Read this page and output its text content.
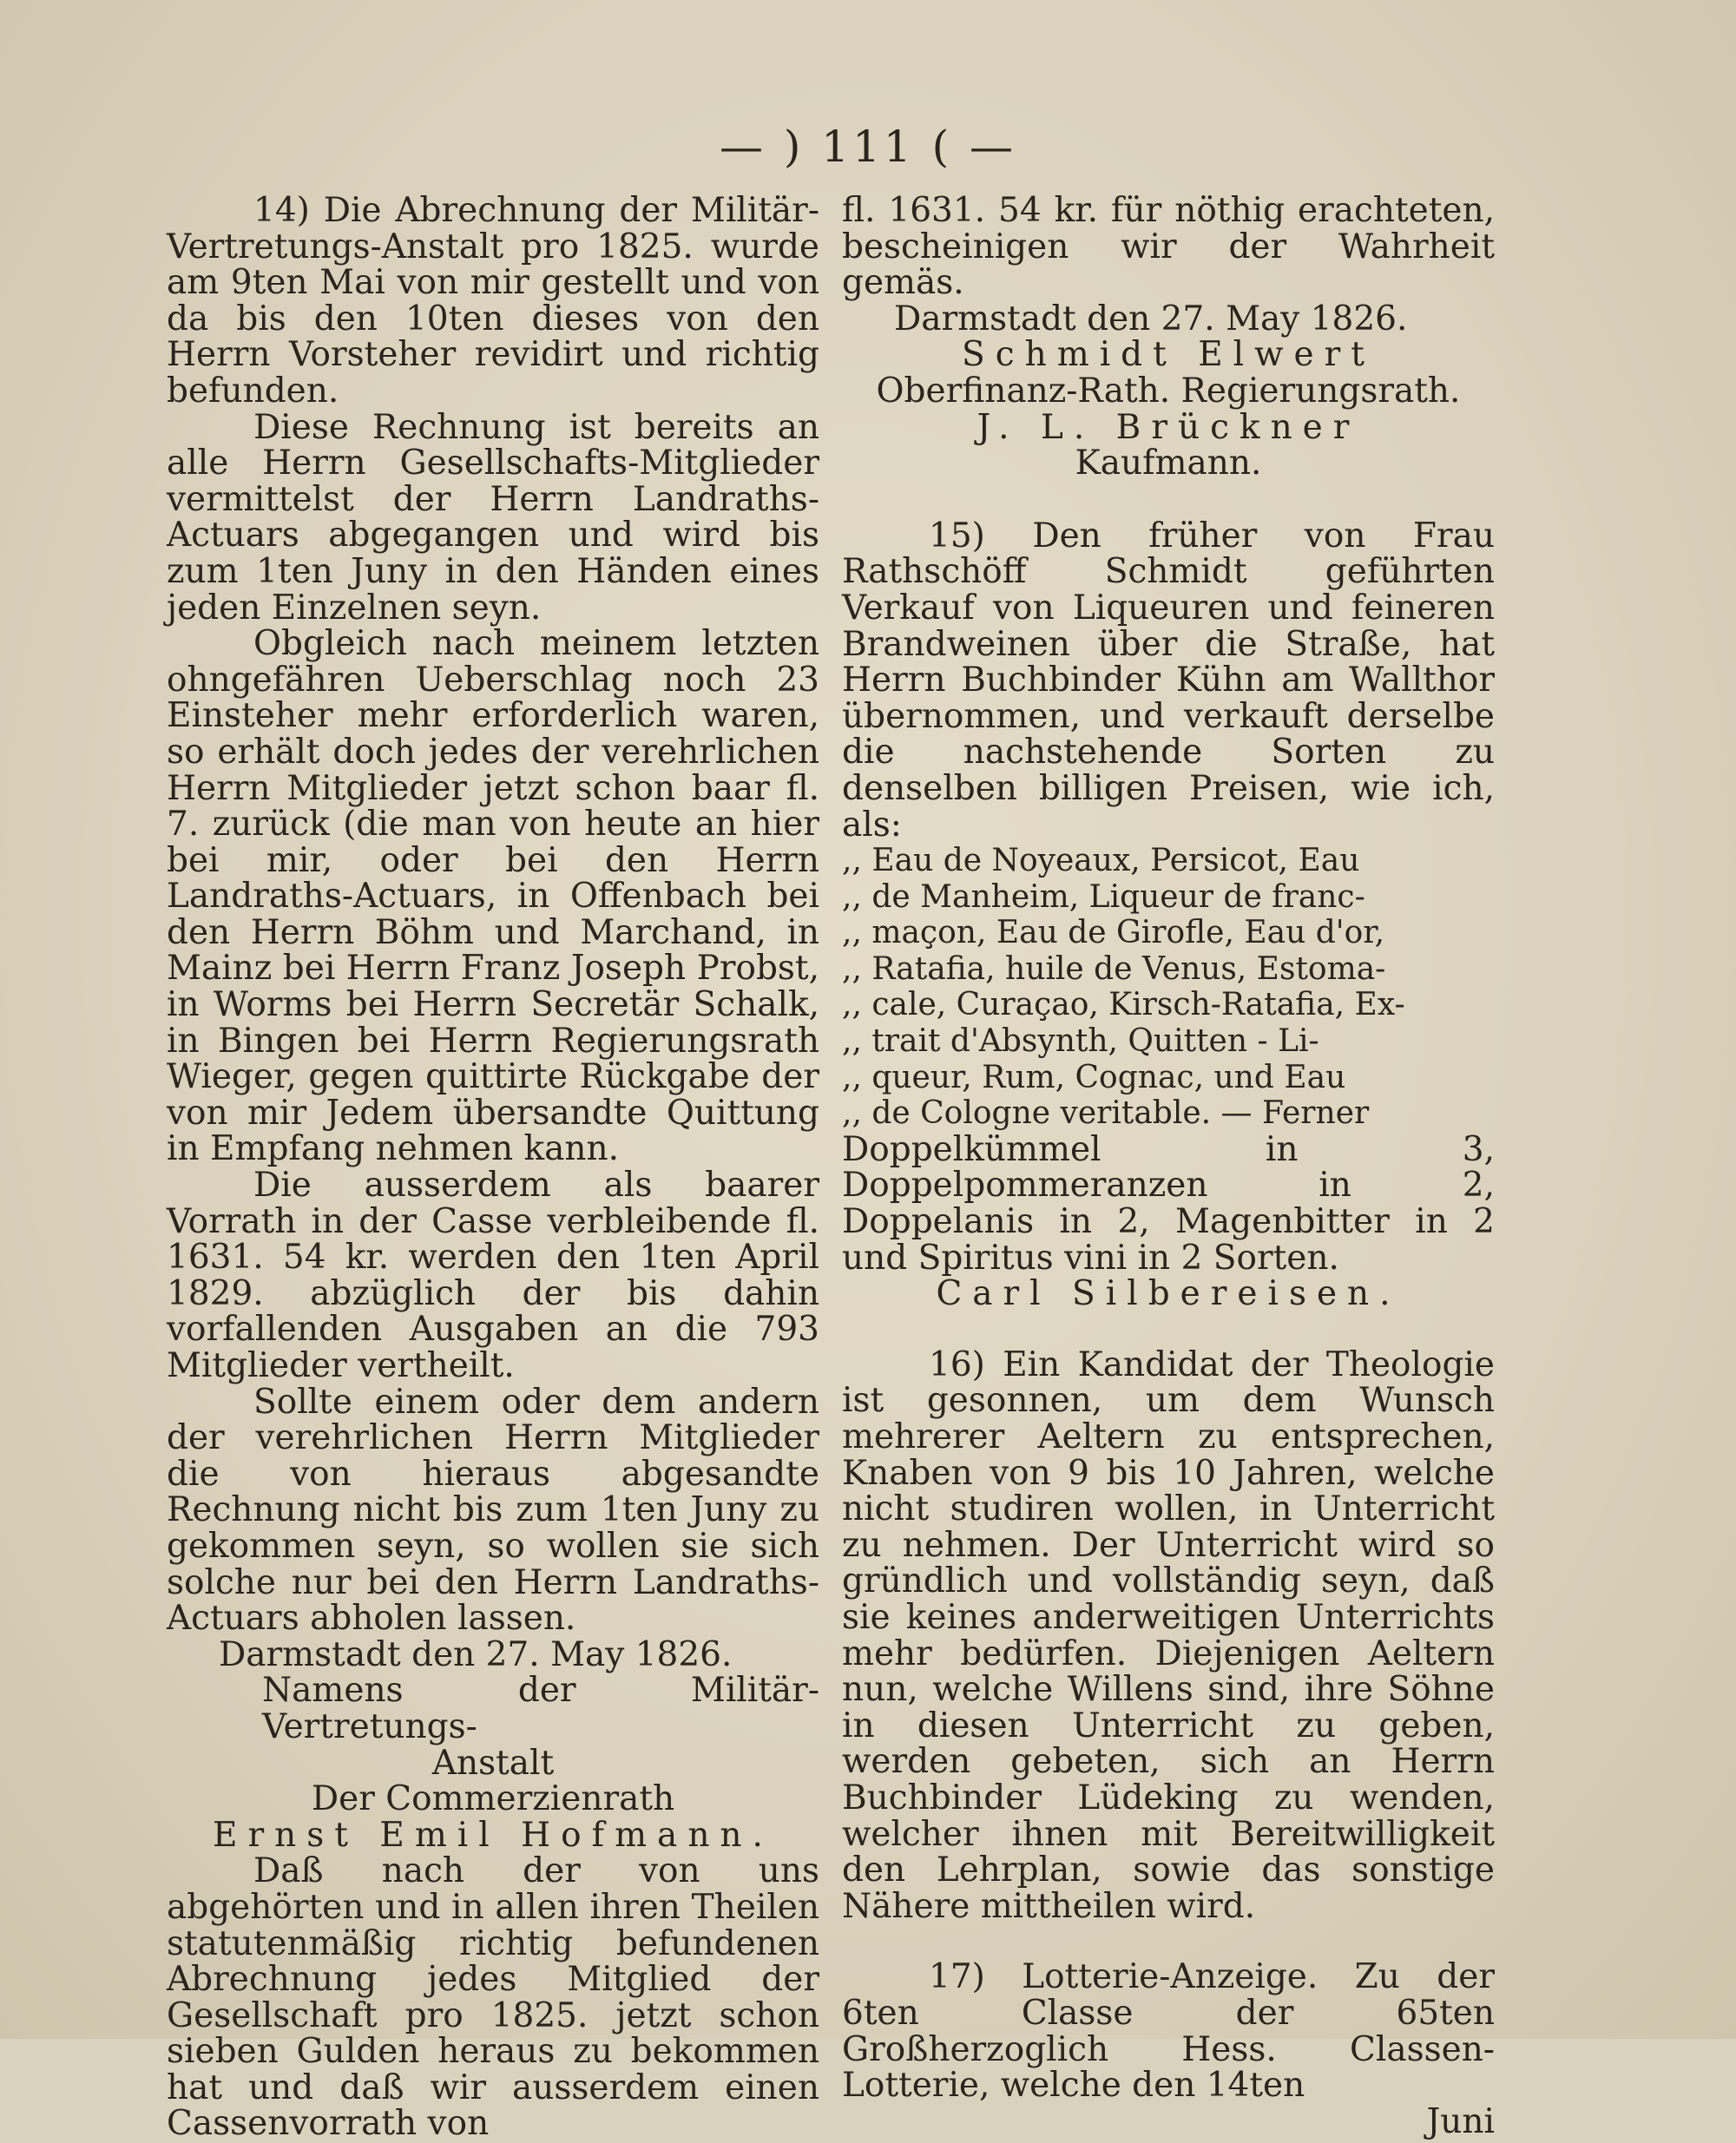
— ) 111 ( —

14) Die Abrechnung der Militär-Vertretungs-Anstalt pro 1825. wurde am 9ten Mai von mir gestellt und von da bis den 10ten dieses von den Herrn Vorsteher revidirt und richtig befunden.

Diese Rechnung ist bereits an alle Herrn Gesellschafts-Mitglieder vermittelst der Herrn Landraths-Actuars abgegangen und wird bis zum 1ten Juny in den Händen eines jeden Einzelnen seyn.

Obgleich nach meinem letzten ohngefähren Ueberschlag noch 23 Einsteher mehr erforderlich waren, so erhält doch jedes der verehrlichen Herrn Mitglieder jetzt schon baar fl. 7. zurück (die man von heute an hier bei mir, oder bei den Herrn Landraths-Actuars, in Offenbach bei den Herrn Böhm und Marchand, in Mainz bei Herrn Franz Joseph Probst, in Worms bei Herrn Secretär Schalk, in Bingen bei Herrn Regierungsrath Wieger, gegen quittirte Rückgabe der von mir Jedem übersandte Quittung in Empfang nehmen kann.

Die ausserdem als baarer Vorrath in der Casse verbleibende fl. 1631. 54 kr. werden den 1ten April 1829. abzüglich der bis dahin vorfallenden Ausgaben an die 793 Mitglieder vertheilt.

Sollte einem oder dem andern der verehrlichen Herrn Mitglieder die von hieraus abgesandte Rechnung nicht bis zum 1ten Juny zu gekommen seyn, so wollen sie sich solche nur bei den Herrn Landraths-Actuars abholen lassen.

Darmstadt den 27. May 1826.

Namens der Militär-Vertretungs-

Anstalt

Der Commerzienrath

Ernst Emil Hofmann.

Daß nach der von uns abgehörten und in allen ihren Theilen statutenmäßig richtig befundenen Abrechnung jedes Mitglied der Gesellschaft pro 1825. jetzt schon sieben Gulden heraus zu bekommen hat und daß wir ausserdem einen Cassenvorrath von

fl. 1631. 54 kr. für nöthig erachteten, bescheinigen wir der Wahrheit gemäs.

Darmstadt den 27. May 1826.

Schmidt Elwert

Oberfinanz-Rath. Regierungsrath.

J. L. Brückner

Kaufmann.

15) Den früher von Frau Rathschöff Schmidt geführten Verkauf von Liqueuren und feineren Brandweinen über die Straße, hat Herrn Buchbinder Kühn am Wallthor übernommen, und verkauft derselbe die nachstehende Sorten zu denselben billigen Preisen, wie ich, als:

,, Eau de Noyeaux, Persicot, Eau

,, de Manheim, Liqueur de franc-

,, maçon, Eau de Girofle, Eau d'or,

,, Ratafia, huile de Venus, Estoma-

,, cale, Curaçao, Kirsch-Ratafia, Ex-

,, trait d'Absynth, Quitten - Li-

,, queur, Rum, Cognac, und Eau

,, de Cologne veritable. — Ferner

Doppelkümmel in 3, Doppelpommeranzen in 2, Doppelanis in 2, Magenbitter in 2 und Spiritus vini in 2 Sorten.

Carl Silbereisen.

16) Ein Kandidat der Theologie ist gesonnen, um dem Wunsch mehrerer Aeltern zu entsprechen, Knaben von 9 bis 10 Jahren, welche nicht studiren wollen, in Unterricht zu nehmen. Der Unterricht wird so gründlich und vollständig seyn, daß sie keines anderweitigen Unterrichts mehr bedürfen. Diejenigen Aeltern nun, welche Willens sind, ihre Söhne in diesen Unterricht zu geben, werden gebeten, sich an Herrn Buchbinder Lüdeking zu wenden, welcher ihnen mit Bereitwilligkeit den Lehrplan, sowie das sonstige Nähere mittheilen wird.

17) Lotterie-Anzeige. Zu der 6ten Classe der 65ten Großherzoglich Hess. Classen-Lotterie, welche den 14ten

Juni
